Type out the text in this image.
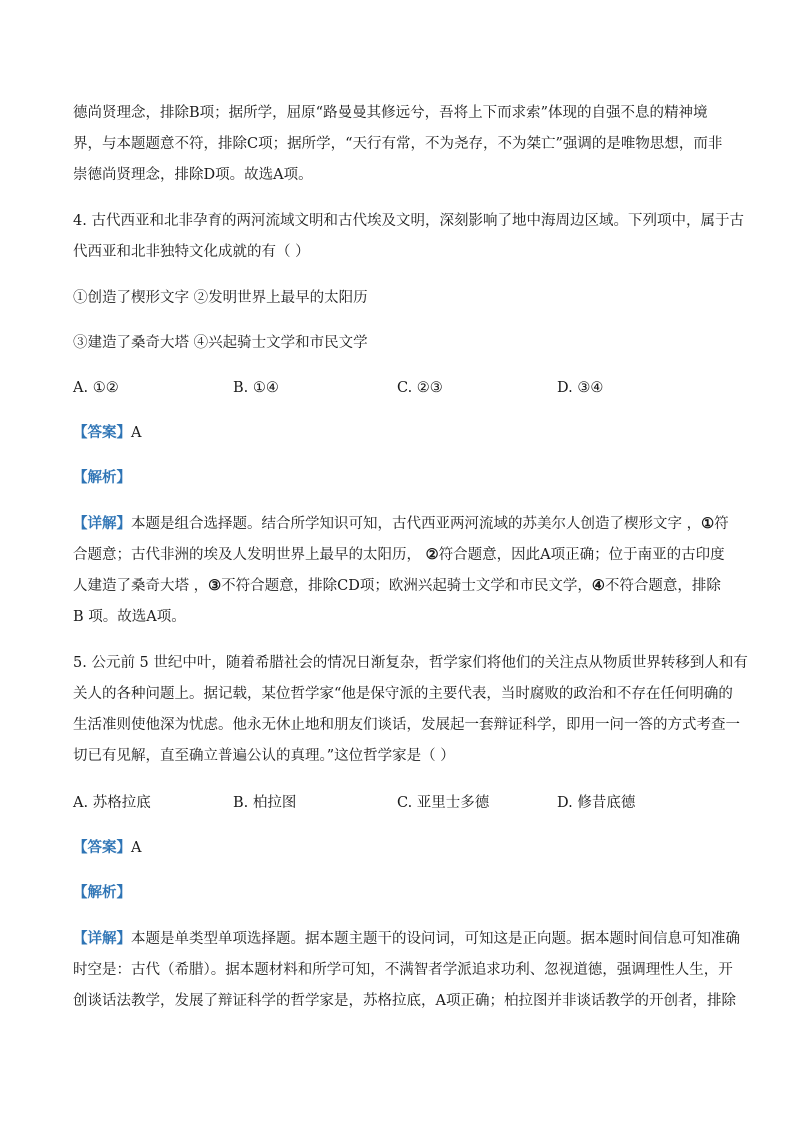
德尚贤理念，排除B项；据所学，屈原“路曼曼其修远兮，吾将上下而求索”体现的自强不息的精神境
界，与本题题意不符，排除C项；据所学，“天行有常，不为尧存，不为桀亡”强调的是唯物思想，而非
崇德尚贤理念，排除D项。故选A项。
4. 古代西亚和北非孕育的两河流域文明和古代埃及文明，深刻影响了地中海周边区域。下列项中，属于古
代西亚和北非独特文化成就的有（ ）
①创造了楔形文字 ②发明世界上最早的太阳历
③建造了桑奇大塔 ④兴起骑士文学和市民文学
A. ①②	B. ①④	C. ②③	D. ③④
【答案】A
【解析】
【详解】本题是组合选择题。结合所学知识可知，古代西亚两河流域的苏美尔人创造了楔形文字 ，①符
合题意；古代非洲的埃及人发明世界上最早的太阳历， ②符合题意，因此A项正确；位于南亚的古印度
人建造了桑奇大塔 ，③不符合题意，排除CD项；欧洲兴起骑士文学和市民文学，④不符合题意，排除
B 项。故选A项。
5. 公元前 5 世纪中叶，随着希腊社会的情况日渐复杂，哲学家们将他们的关注点从物质世界转移到人和有
关人的各种问题上。据记载，某位哲学家“他是保守派的主要代表，当时腐败的政治和不存在任何明确的
生活准则使他深为忧虑。他永无休止地和朋友们谈话，发展起一套辩证科学，即用一问一答的方式考查一
切已有见解，直至确立普遍公认的真理。”这位哲学家是（ ）
A. 苏格拉底	B. 柏拉图	C. 亚里士多德	D. 修昔底德
【答案】A
【解析】
【详解】本题是单类型单项选择题。据本题主题干的设问词，可知这是正向题。据本题时间信息可知准确
时空是：古代（希腊）。据本题材料和所学可知，不满智者学派追求功利、忽视道德，强调理性人生，开
创谈话法教学，发展了辩证科学的哲学家是，苏格拉底，A项正确；柏拉图并非谈话教学的开创者，排除
